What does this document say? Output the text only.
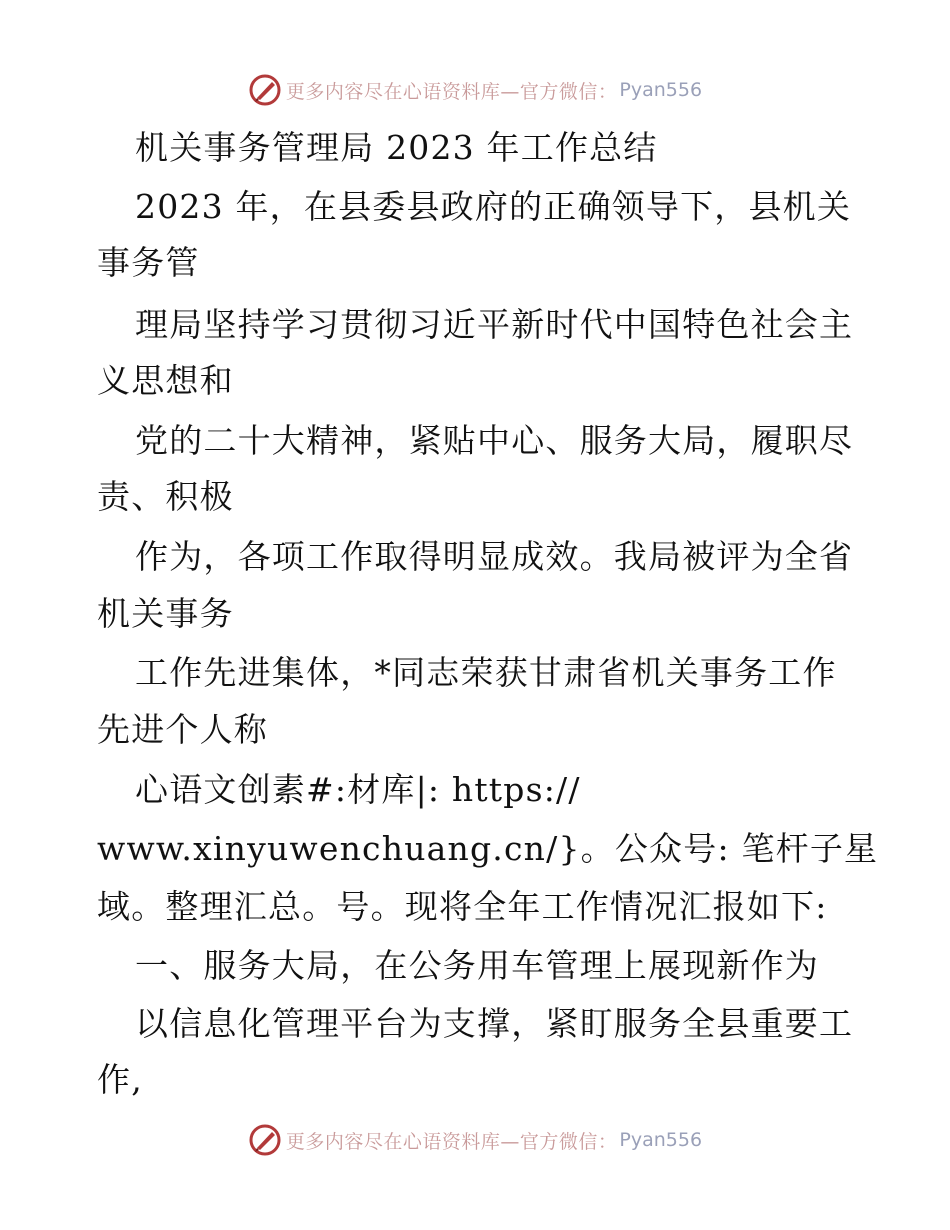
更多内容尽在心语资料库—官方微信： Pyan556
机关事务管理局 2023 年工作总结
2023 年，在县委县政府的正确领导下，县机关
事务管
理局坚持学习贯彻习近平新时代中国特色社会主
义思想和
党的二十大精神，紧贴中心、服务大局，履职尽
责、积极
作为，各项工作取得明显成效。我局被评为全省
机关事务
工作先进集体，*同志荣获甘肃省机关事务工作
先进个人称
心语文创素#:材库|: https://
www.xinyuwenchuang.cn/}。公众号: 笔杆子星
域。整理汇总。号。现将全年工作情况汇报如下:
一、服务大局，在公务用车管理上展现新作为
以信息化管理平台为支撑，紧盯服务全县重要工
作,
更多内容尽在心语资料库—官方微信： Pyan556
